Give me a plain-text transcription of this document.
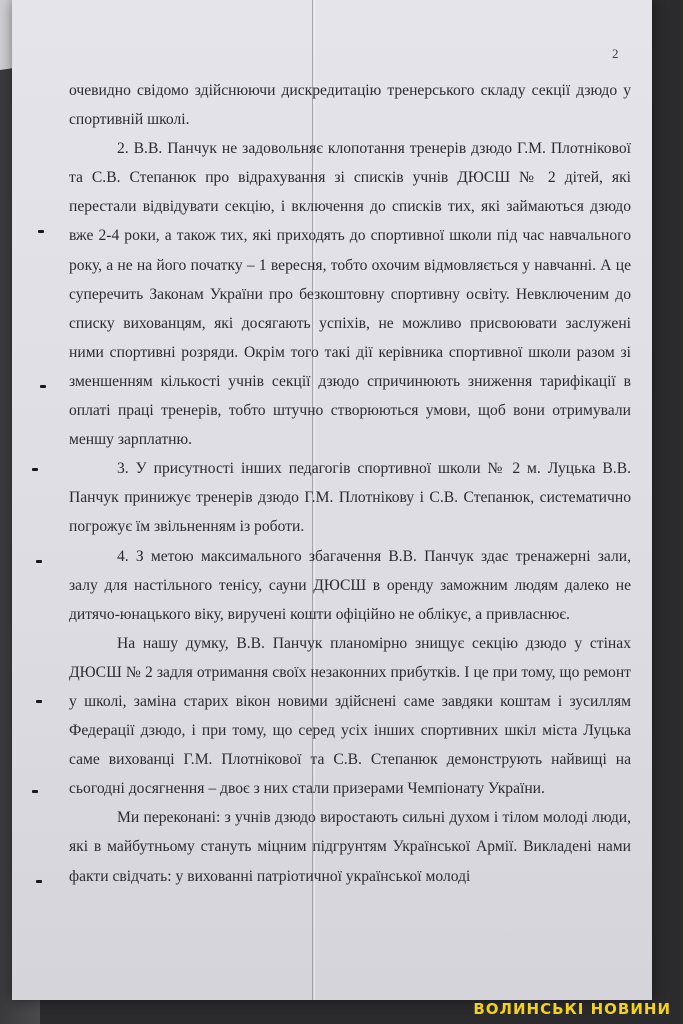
2

очевидно свідомо здійснюючи дискредитацію тренерського складу секції дзюдо у спортивній школі.

2. В.В. Панчук не задовольняє клопотання тренерів дзюдо Г.М. Плотнікової та С.В. Степанюк про відрахування зі списків учнів ДЮСШ № 2 дітей, які перестали відвідувати секцію, і включення до списків тих, які займаються дзюдо вже 2-4 роки, а також тих, які приходять до спортивної школи під час навчального року, а не на його початку – 1 вересня, тобто охочим відмовляється у навчанні. А це суперечить Законам України про безкоштовну спортивну освіту. Невключеним до списку вихованцям, які досягають успіхів, не можливо присвоювати заслужені ними спортивні розряди. Окрім того такі дії керівника спортивної школи разом зі зменшенням кількості учнів секції дзюдо спричинюють зниження тарифікації в оплаті праці тренерів, тобто штучно створюються умови, щоб вони отримували меншу зарплатню.

3. У присутності інших педагогів спортивної школи № 2 м. Луцька В.В. Панчук принижує тренерів дзюдо Г.М. Плотнікову і С.В. Степанюк, систематично погрожує їм звільненням із роботи.

4. З метою максимального збагачення В.В. Панчук здає тренажерні зали, залу для настільного тенісу, сауни ДЮСШ в оренду заможним людям далеко не дитячо-юнацького віку, виручені кошти офіційно не облікує, а привласнює.

На нашу думку, В.В. Панчук планомірно знищує секцію дзюдо у стінах ДЮСШ № 2 задля отримання своїх незаконних прибутків. І це при тому, що ремонт у школі, заміна старих вікон новими здійснені саме завдяки коштам і зусиллям Федерації дзюдо, і при тому, що серед усіх інших спортивних шкіл міста Луцька саме вихованці Г.М. Плотнікової та С.В. Степанюк демонструють найвищі на сьогодні досягнення – двоє з них стали призерами Чемпіонату України.

Ми переконані: з учнів дзюдо виростають сильні духом і тілом молоді люди, які в майбутньому стануть міцним підгрунтям Української Армії. Викладені нами факти свідчать: у вихованні патріотичної української молоді

ВОЛИНСЬКІ НОВИНИ
